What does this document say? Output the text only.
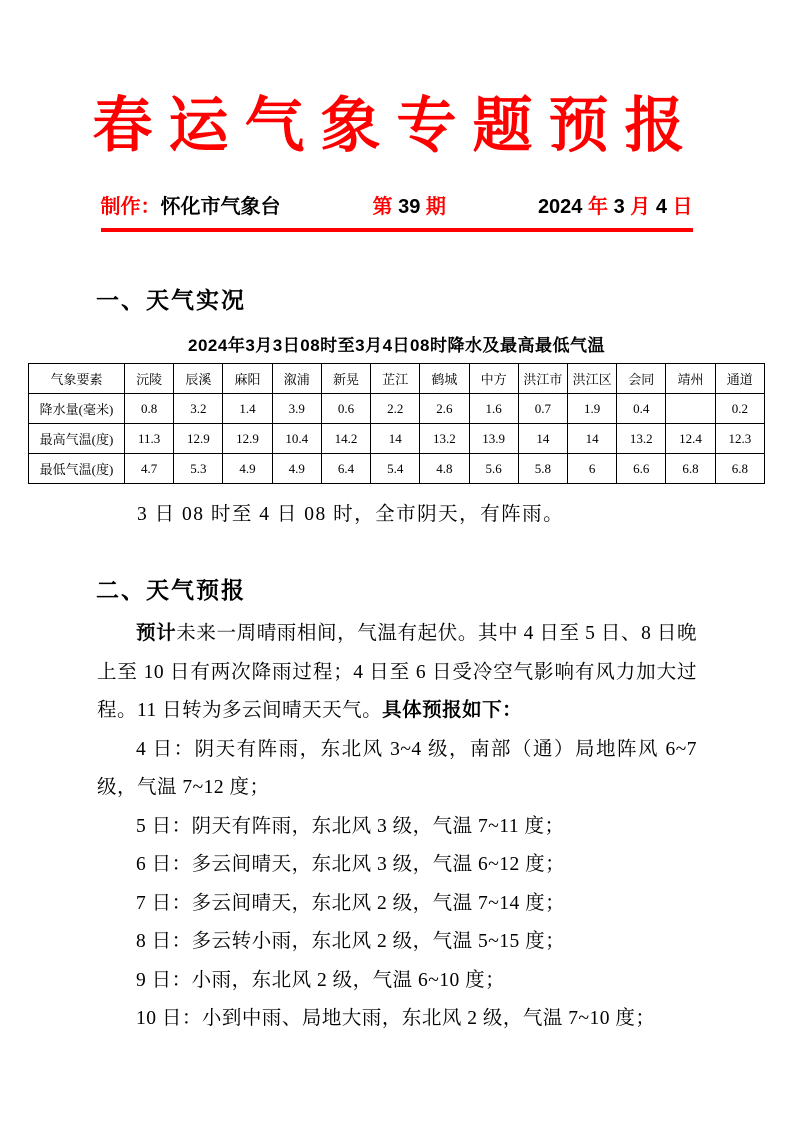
春运气象专题预报
制作：怀化市气象台	第 39 期	2024 年 3 月 4 日
一、天气实况
2024年3月3日08时至3月4日08时降水及最高最低气温
气象要素	沅陵	辰溪	麻阳	溆浦	新晃	芷江	鹤城	中方	洪江市	洪江区	会同	靖州	通道
降水量(毫米)	0.8	3.2	1.4	3.9	0.6	2.2	2.6	1.6	0.7	1.9	0.4		0.2
最高气温(度)	11.3	12.9	12.9	10.4	14.2	14	13.2	13.9	14	14	13.2	12.4	12.3
最低气温(度)	4.7	5.3	4.9	4.9	6.4	5.4	4.8	5.6	5.8	6	6.6	6.8	6.8
3 日 08 时至 4 日 08 时，全市阴天，有阵雨。
二、天气预报

预计未来一周晴雨相间，气温有起伏。其中 4 日至 5 日、8 日晚上至 10 日有两次降雨过程；4 日至 6 日受冷空气影响有风力加大过程。11 日转为多云间晴天天气。具体预报如下：

4 日：阴天有阵雨，东北风 3~4 级，南部（通）局地阵风 6~7 级，气温 7~12 度；

5 日：阴天有阵雨，东北风 3 级，气温 7~11 度；

6 日：多云间晴天，东北风 3 级，气温 6~12 度；

7 日：多云间晴天，东北风 2 级，气温 7~14 度；

8 日：多云转小雨，东北风 2 级，气温 5~15 度；

9 日：小雨，东北风 2 级，气温 6~10 度；

10 日：小到中雨、局地大雨，东北风 2 级，气温 7~10 度；
